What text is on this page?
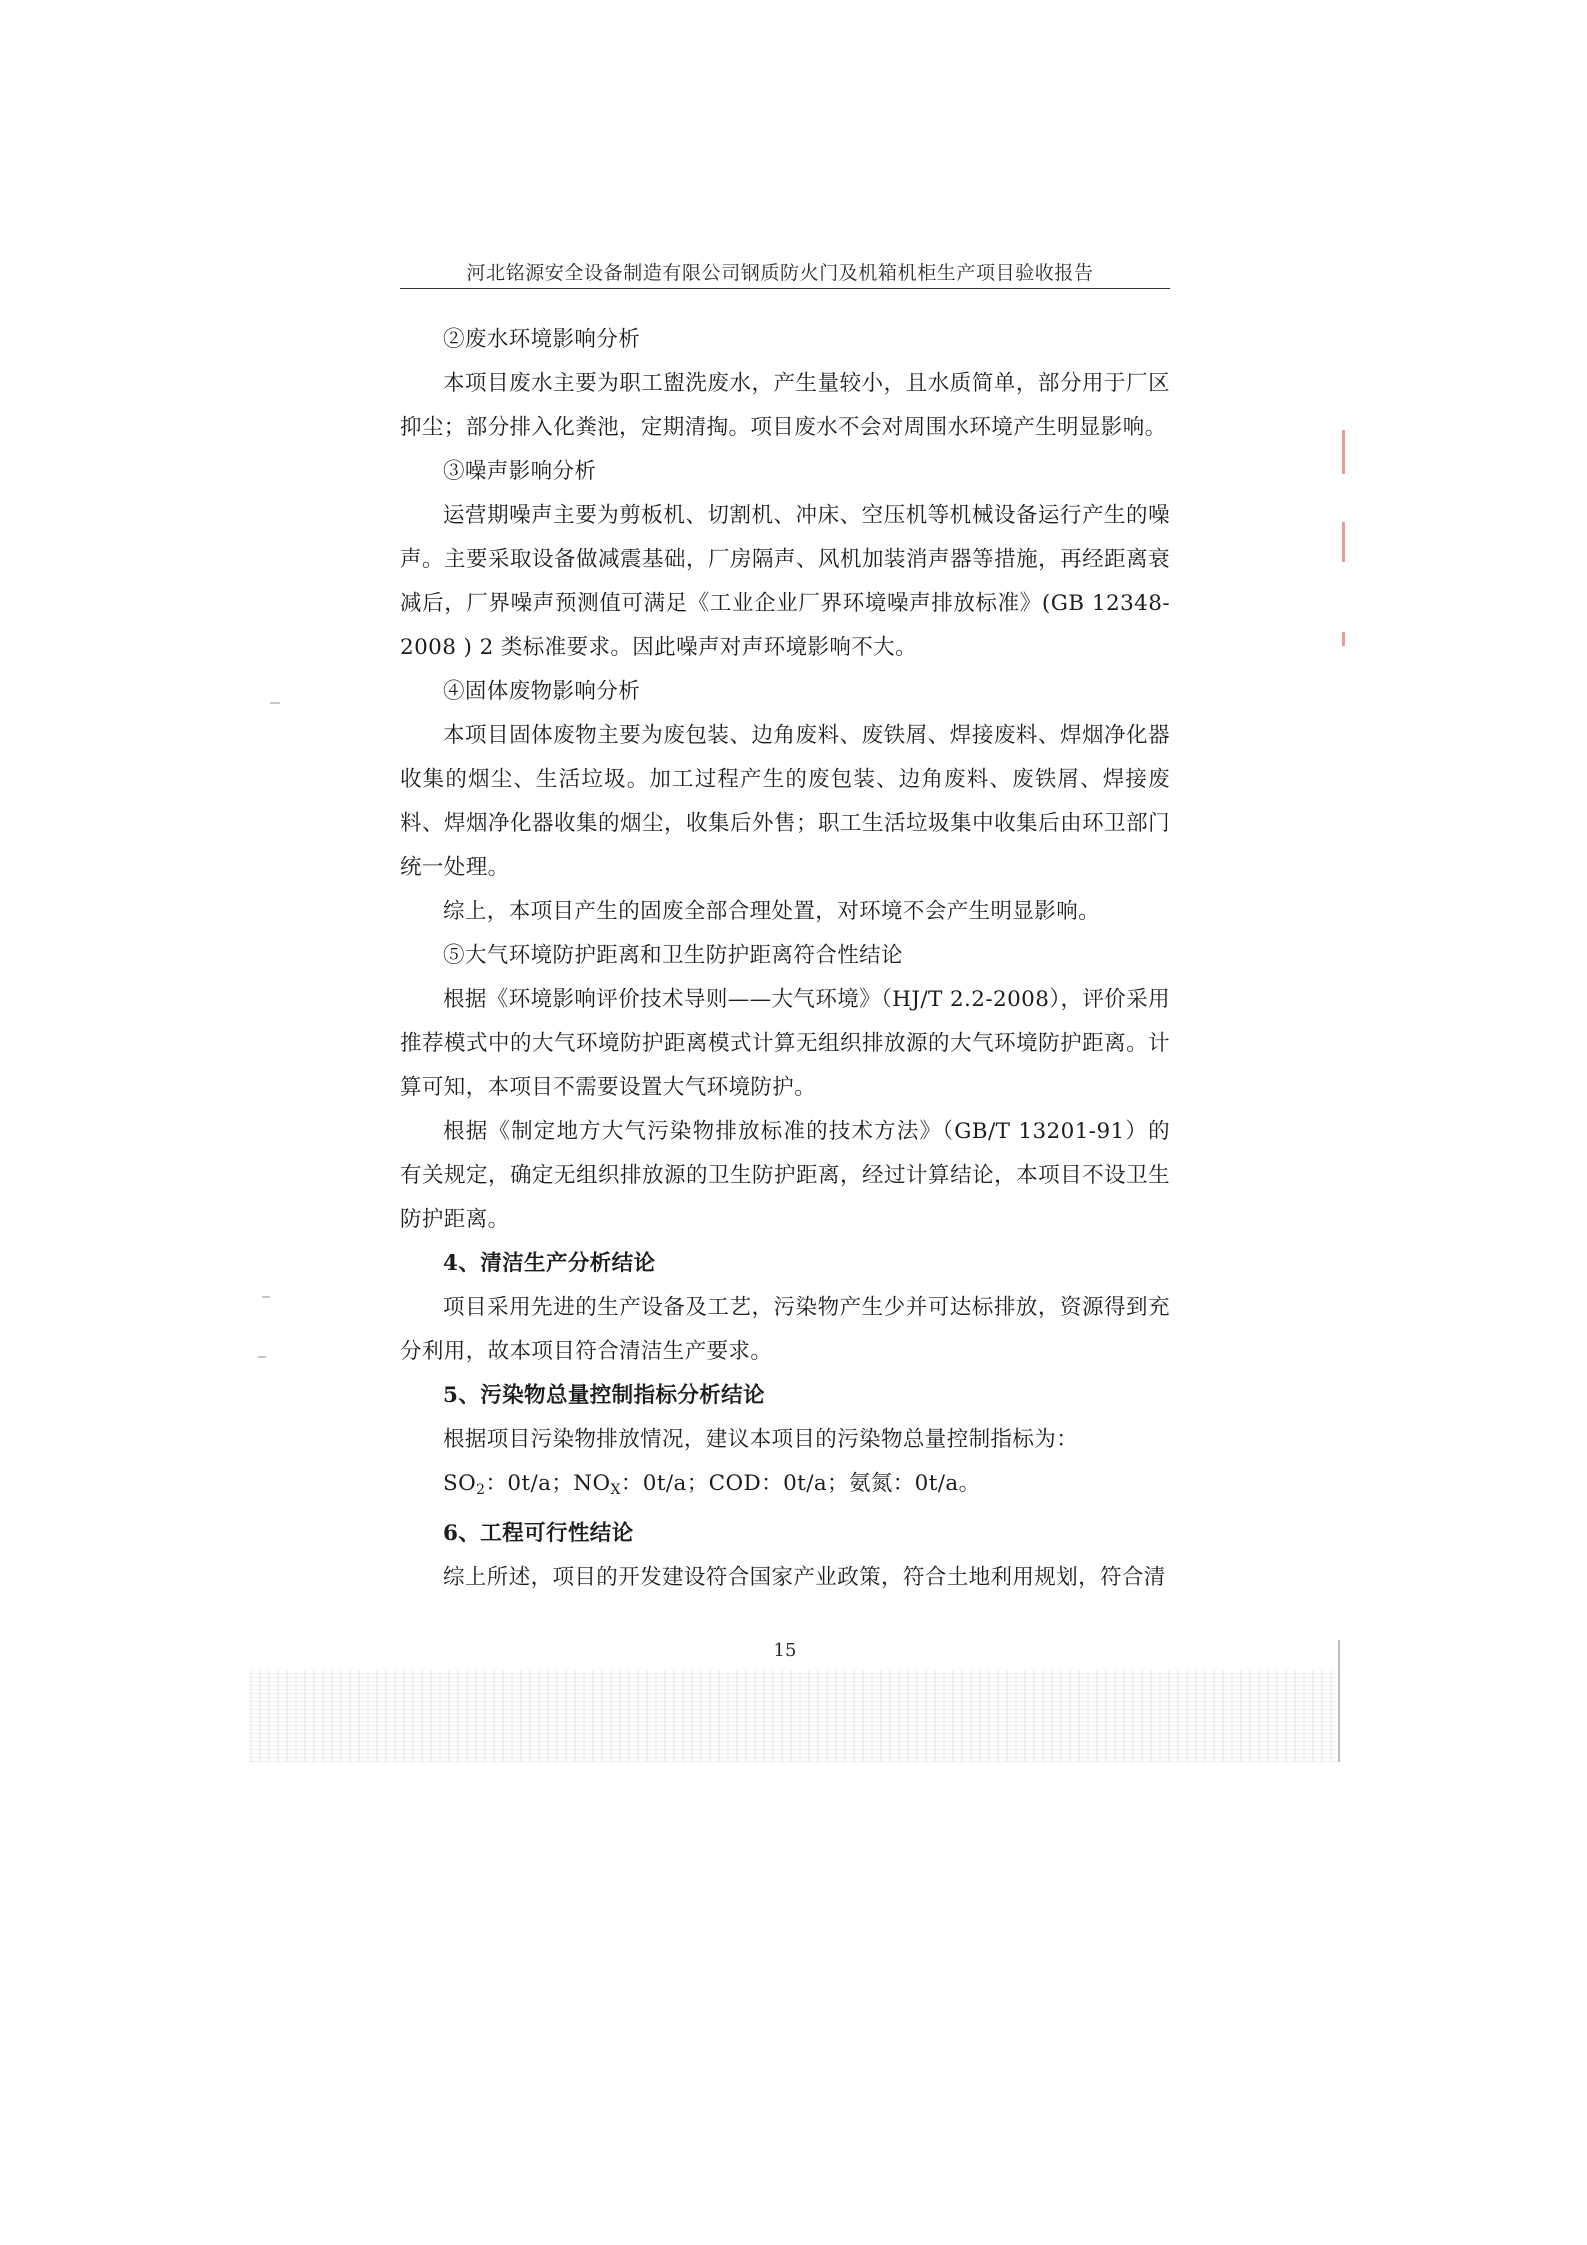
河北铭源安全设备制造有限公司钢质防火门及机箱机柜生产项目验收报告

②废水环境影响分析

本项目废水主要为职工盥洗废水，产生量较小，且水质简单，部分用于厂区抑尘；部分排入化粪池，定期清掏。项目废水不会对周围水环境产生明显影响。

③噪声影响分析

运营期噪声主要为剪板机、切割机、冲床、空压机等机械设备运行产生的噪声。主要采取设备做减震基础，厂房隔声、风机加装消声器等措施，再经距离衰减后，厂界噪声预测值可满足《工业企业厂界环境噪声排放标准》(GB 12348-2008 ) 2 类标准要求。因此噪声对声环境影响不大。

④固体废物影响分析

本项目固体废物主要为废包装、边角废料、废铁屑、焊接废料、焊烟净化器收集的烟尘、生活垃圾。加工过程产生的废包装、边角废料、废铁屑、焊接废料、焊烟净化器收集的烟尘，收集后外售；职工生活垃圾集中收集后由环卫部门统一处理。

综上，本项目产生的固废全部合理处置，对环境不会产生明显影响。

⑤大气环境防护距离和卫生防护距离符合性结论

根据《环境影响评价技术导则——大气环境》（HJ/T 2.2-2008），评价采用推荐模式中的大气环境防护距离模式计算无组织排放源的大气环境防护距离。计算可知，本项目不需要设置大气环境防护。

根据《制定地方大气污染物排放标准的技术方法》（GB/T 13201-91）的有关规定，确定无组织排放源的卫生防护距离，经过计算结论，本项目不设卫生防护距离。

4、清洁生产分析结论

项目采用先进的生产设备及工艺，污染物产生少并可达标排放，资源得到充分利用，故本项目符合清洁生产要求。

5、污染物总量控制指标分析结论

根据项目污染物排放情况，建议本项目的污染物总量控制指标为：

$SO_2$：0t/a；$NO_X$：0t/a；COD：0t/a；氨氮：0t/a。

6、工程可行性结论

综上所述，项目的开发建设符合国家产业政策，符合土地利用规划，符合清

15
